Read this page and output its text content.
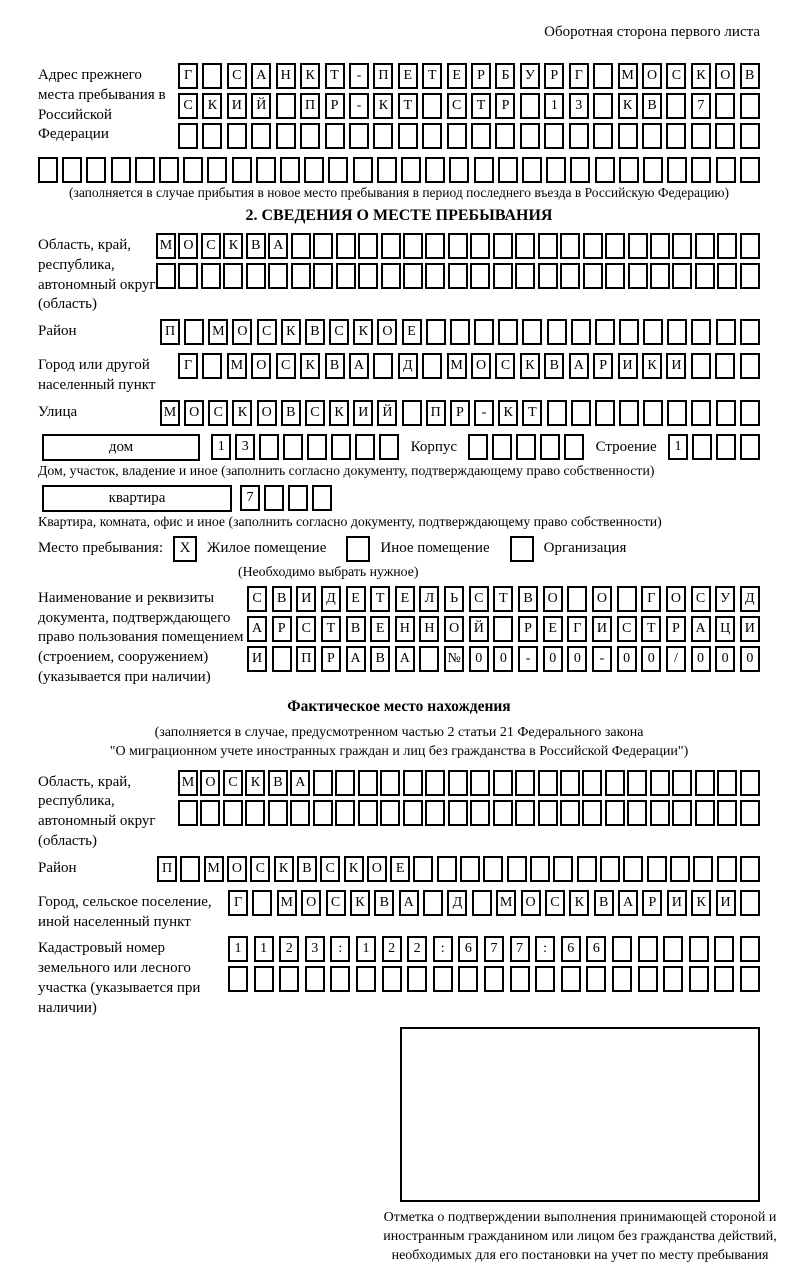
Оборотная сторона первого листа
Адрес прежнего места пребывания в Российской Федерации
Г	С	А	Н	К	Т	-	П	Е	Т	Е	Р	Б	У	Р	Г	М О	С	К	О	В
С	К	И	Й	П	Р	-	К	Т	С	Т	Р	1	3	К	В	7
(заполняется в случае прибытия в новое место пребывания в период последнего въезда в Российскую Федерацию)
2. СВЕДЕНИЯ О МЕСТЕ ПРЕБЫВАНИЯ
Область, край, республика, автономный округ (область)
М О С К В А
Район	П	М О	С	К	В	С	К	О	Е
Город или другой населенный пункт
Г	М О	С	К	В	А	Д	М О	С	К	В	А	Р	И	К	И
Улица	М О	С	К	О	В	С	К	И	Й	П	Р	-	К	Т
дом	1	3	Корпус	Строение	1
Дом, участок, владение и иное (заполнить согласно документу, подтверждающему право собственности)
квартира	7
Квартира, комната, офис и иное (заполнить согласно документу, подтверждающему право собственности)
Место пребывания:	X	Жилое помещение	Иное помещение	Организация
(Необходимо выбрать нужное)
Наименование и реквизиты документа, подтверждающего право пользования помещением (строением, сооружением) (указывается при наличии)
С	В	И	Д	Е	Т	Е	Л	Ь	С	Т	В	О	О	Г	О	С	У	Д
А	Р	С	Т	В	Е	Н	Н	О	Й	Р	Е	Г	И	С	Т	Р	А	Ц	И
И	П	Р	А	В	А	№	0	0	-	0	0	-	0	0	/	0	0	0
Фактическое место нахождения
(заполняется в случае, предусмотренном частью 2 статьи 21 Федерального закона
"О миграционном учете иностранных граждан и лиц без гражданства в Российской Федерации")
Область, край, республика, автономный округ (область)
М О С К В А
Район	П	М О С К В С К О Е
Город, сельское поселение, иной населенный пункт
Г	М О	С	К	В	А	Д	М О	С	К	В	А	Р	И	К	И
Кадастровый номер земельного или лесного участка (указывается при наличии)
1	1	2	3	:	1	2	2	:	6	7	7	:	6	6
Отметка о подтверждении выполнения принимающей стороной и иностранным гражданином или лицом без гражданства действий, необходимых для его постановки на учет по месту пребывания
